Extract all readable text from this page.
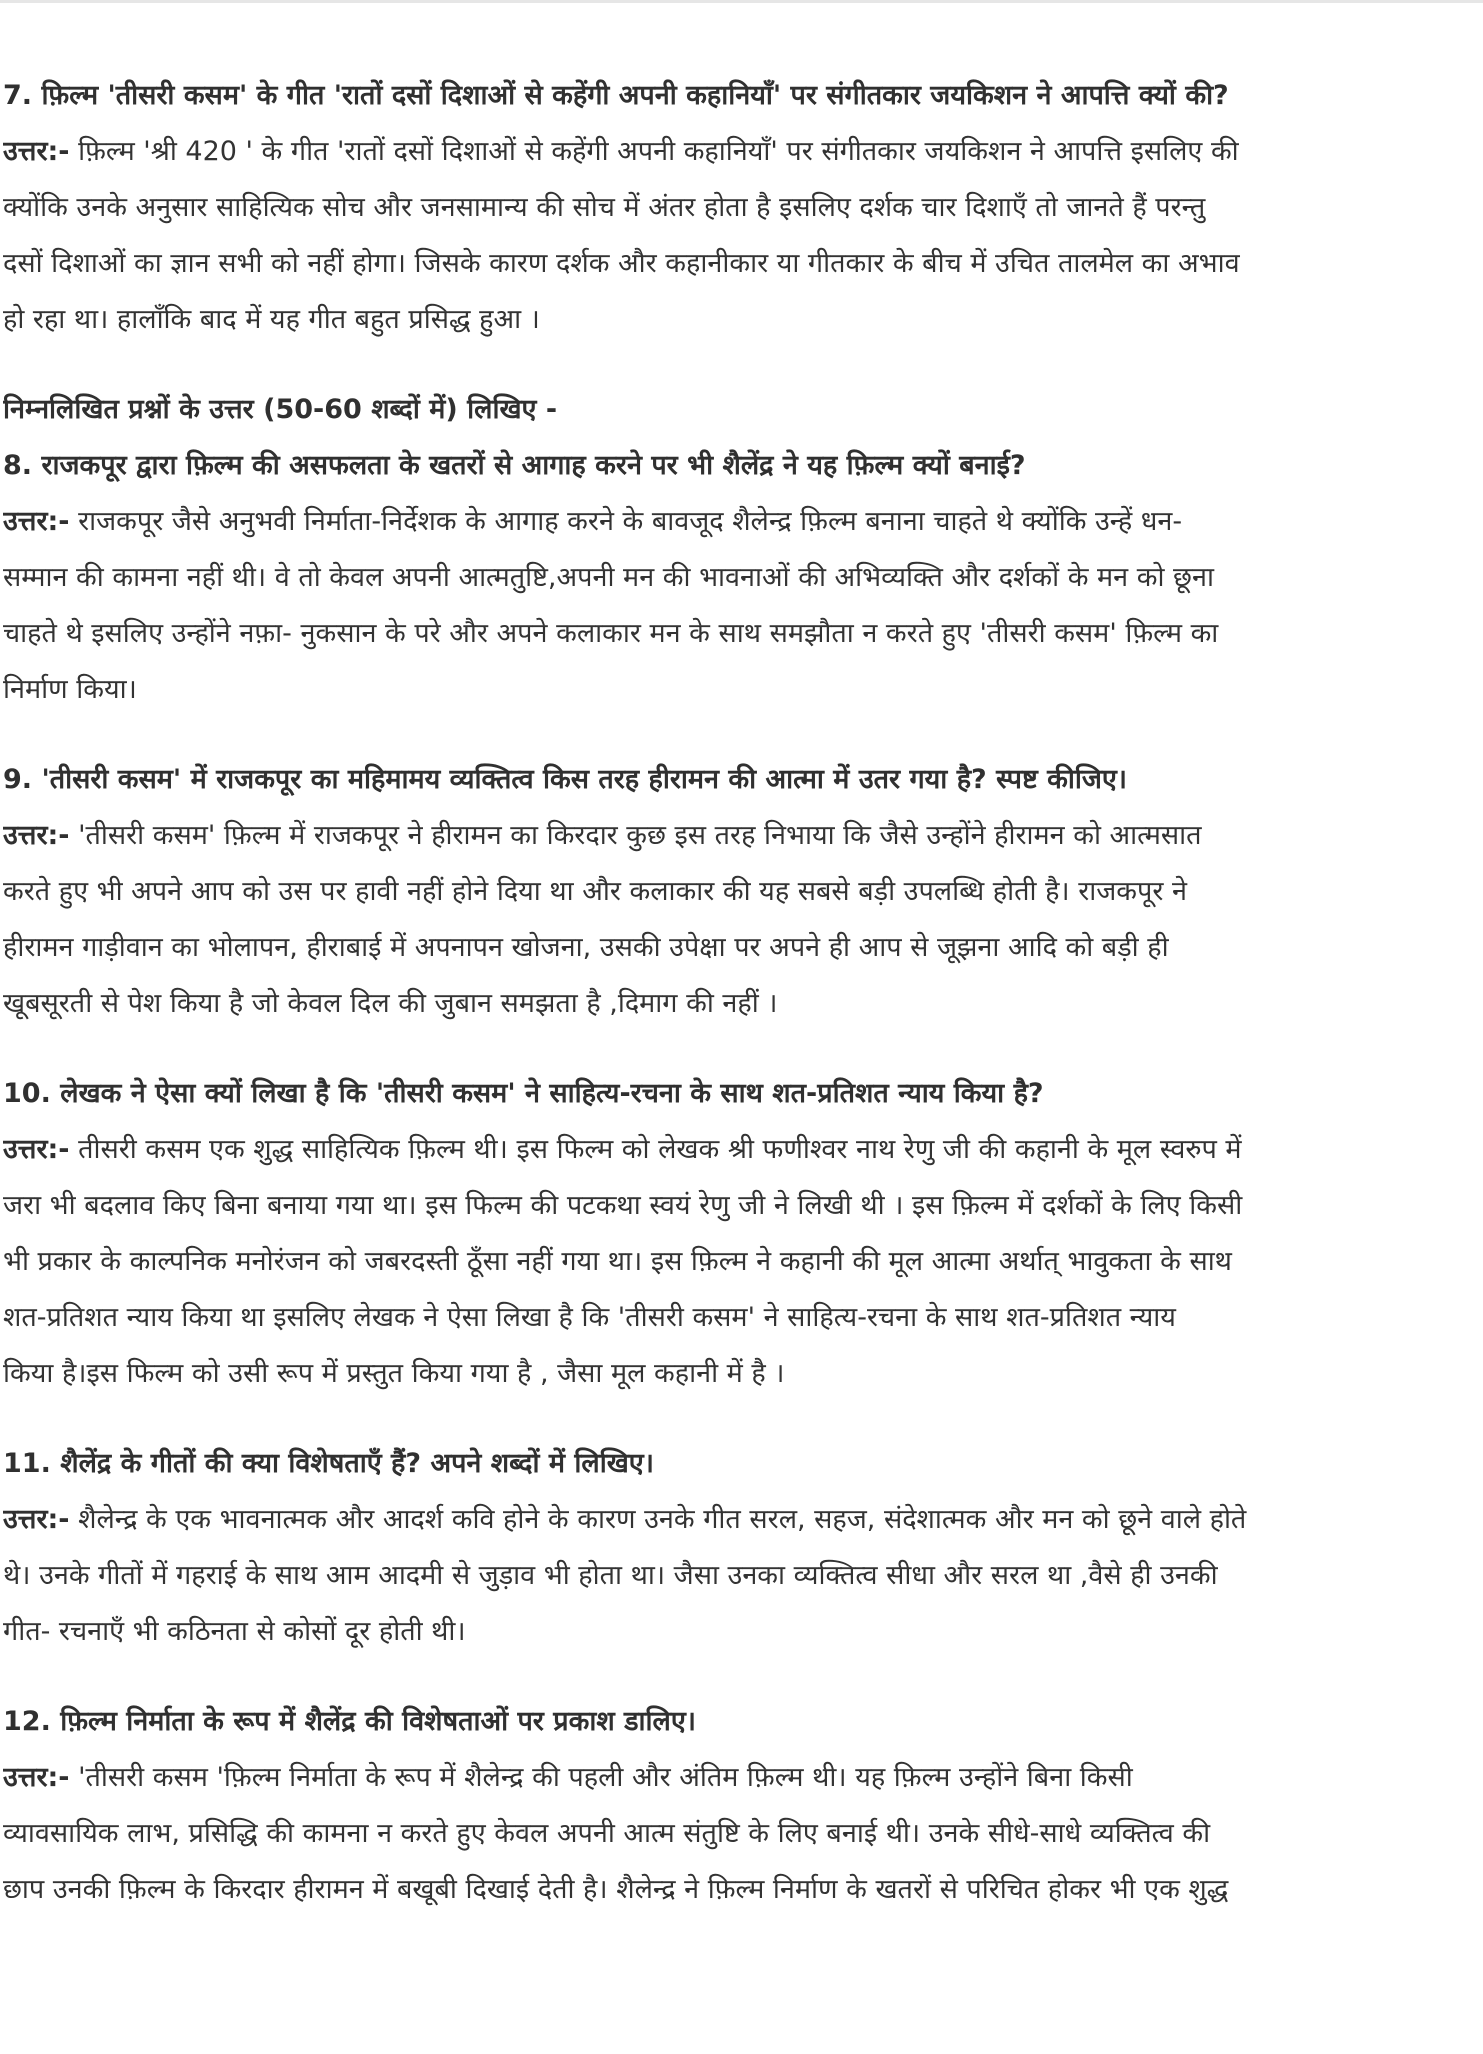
7. फ़िल्म 'तीसरी कसम' के गीत 'रातों दसों दिशाओं से कहेंगी अपनी कहानियाँ' पर संगीतकार जयकिशन ने आपत्ति क्यों की?
उत्तर:- फ़िल्म 'श्री 420 ' के गीत 'रातों दसों दिशाओं से कहेंगी अपनी कहानियाँ' पर संगीतकार जयकिशन ने आपत्ति इसलिए की
क्योंकि उनके अनुसार साहित्यिक सोच और जनसामान्य की सोच में अंतर होता है इसलिए दर्शक चार दिशाएँ तो जानते हैं परन्तु
दसों दिशाओं का ज्ञान सभी को नहीं होगा। जिसके कारण दर्शक और कहानीकार या गीतकार के बीच में उचित तालमेल का अभाव
हो रहा था। हालाँकि बाद में यह गीत बहुत प्रसिद्ध हुआ ।
निम्नलिखित प्रश्नों के उत्तर (50-60 शब्दों में) लिखिए -
8. राजकपूर द्वारा फ़िल्म की असफलता के खतरों से आगाह करने पर भी शैलेंद्र ने यह फ़िल्म क्यों बनाई?
उत्तर:- राजकपूर जैसे अनुभवी निर्माता-निर्देशक के आगाह करने के बावजूद शैलेन्द्र फ़िल्म बनाना चाहते थे क्योंकि उन्हें धन-
सम्मान की कामना नहीं थी। वे तो केवल अपनी आत्मतुष्टि,अपनी मन की भावनाओं की अभिव्यक्ति और दर्शकों के मन को छूना
चाहते थे इसलिए उन्होंने नफ़ा- नुकसान के परे और अपने कलाकार मन के साथ समझौता न करते हुए 'तीसरी कसम' फ़िल्म का
निर्माण किया।
9. 'तीसरी कसम' में राजकपूर का महिमामय व्यक्तित्व किस तरह हीरामन की आत्मा में उतर गया है? स्पष्ट कीजिए।
उत्तर:- 'तीसरी कसम' फ़िल्म में राजकपूर ने हीरामन का किरदार कुछ इस तरह निभाया कि जैसे उन्होंने हीरामन को आत्मसात
करते हुए भी अपने आप को उस पर हावी नहीं होने दिया था और कलाकार की यह सबसे बड़ी उपलब्धि होती है। राजकपूर ने
हीरामन गाड़ीवान का भोलापन, हीराबाई में अपनापन खोजना, उसकी उपेक्षा पर अपने ही आप से जूझना आदि को बड़ी ही
खूबसूरती से पेश किया है जो केवल दिल की जुबान समझता है ,दिमाग की नहीं ।
10. लेखक ने ऐसा क्यों लिखा है कि 'तीसरी कसम' ने साहित्य-रचना के साथ शत-प्रतिशत न्याय किया है?
उत्तर:- तीसरी कसम एक शुद्ध साहित्यिक फ़िल्म थी। इस फिल्म को लेखक श्री फणीश्वर नाथ रेणु जी की कहानी के मूल स्वरुप में
जरा भी बदलाव किए बिना बनाया गया था। इस फिल्म की पटकथा स्वयं रेणु जी ने लिखी थी । इस फ़िल्म में दर्शकों के लिए किसी
भी प्रकार के काल्पनिक मनोरंजन को जबरदस्ती ठूँसा नहीं गया था। इस फ़िल्म ने कहानी की मूल आत्मा अर्थात् भावुकता के साथ
शत-प्रतिशत न्याय किया था इसलिए लेखक ने ऐसा लिखा है कि 'तीसरी कसम' ने साहित्य-रचना के साथ शत-प्रतिशत न्याय
किया है।इस फिल्म को उसी रूप में प्रस्तुत किया गया है , जैसा मूल कहानी में है ।
11. शैलेंद्र के गीतों की क्या विशेषताएँ हैं? अपने शब्दों में लिखिए।
उत्तर:- शैलेन्द्र के एक भावनात्मक और आदर्श कवि होने के कारण उनके गीत सरल, सहज, संदेशात्मक और मन को छूने वाले होते
थे। उनके गीतों में गहराई के साथ आम आदमी से जुड़ाव भी होता था। जैसा उनका व्यक्तित्व सीधा और सरल था ,वैसे ही उनकी
गीत- रचनाएँ भी कठिनता से कोसों दूर होती थी।
12. फ़िल्म निर्माता के रूप में शैलेंद्र की विशेषताओं पर प्रकाश डालिए।
उत्तर:- 'तीसरी कसम 'फ़िल्म निर्माता के रूप में शैलेन्द्र की पहली और अंतिम फ़िल्म थी। यह फ़िल्म उन्होंने बिना किसी
व्यावसायिक लाभ, प्रसिद्धि की कामना न करते हुए केवल अपनी आत्म संतुष्टि के लिए बनाई थी। उनके सीधे-साधे व्यक्तित्व की
छाप उनकी फ़िल्म के किरदार हीरामन में बखूबी दिखाई देती है। शैलेन्द्र ने फ़िल्म निर्माण के खतरों से परिचित होकर भी एक शुद्ध
